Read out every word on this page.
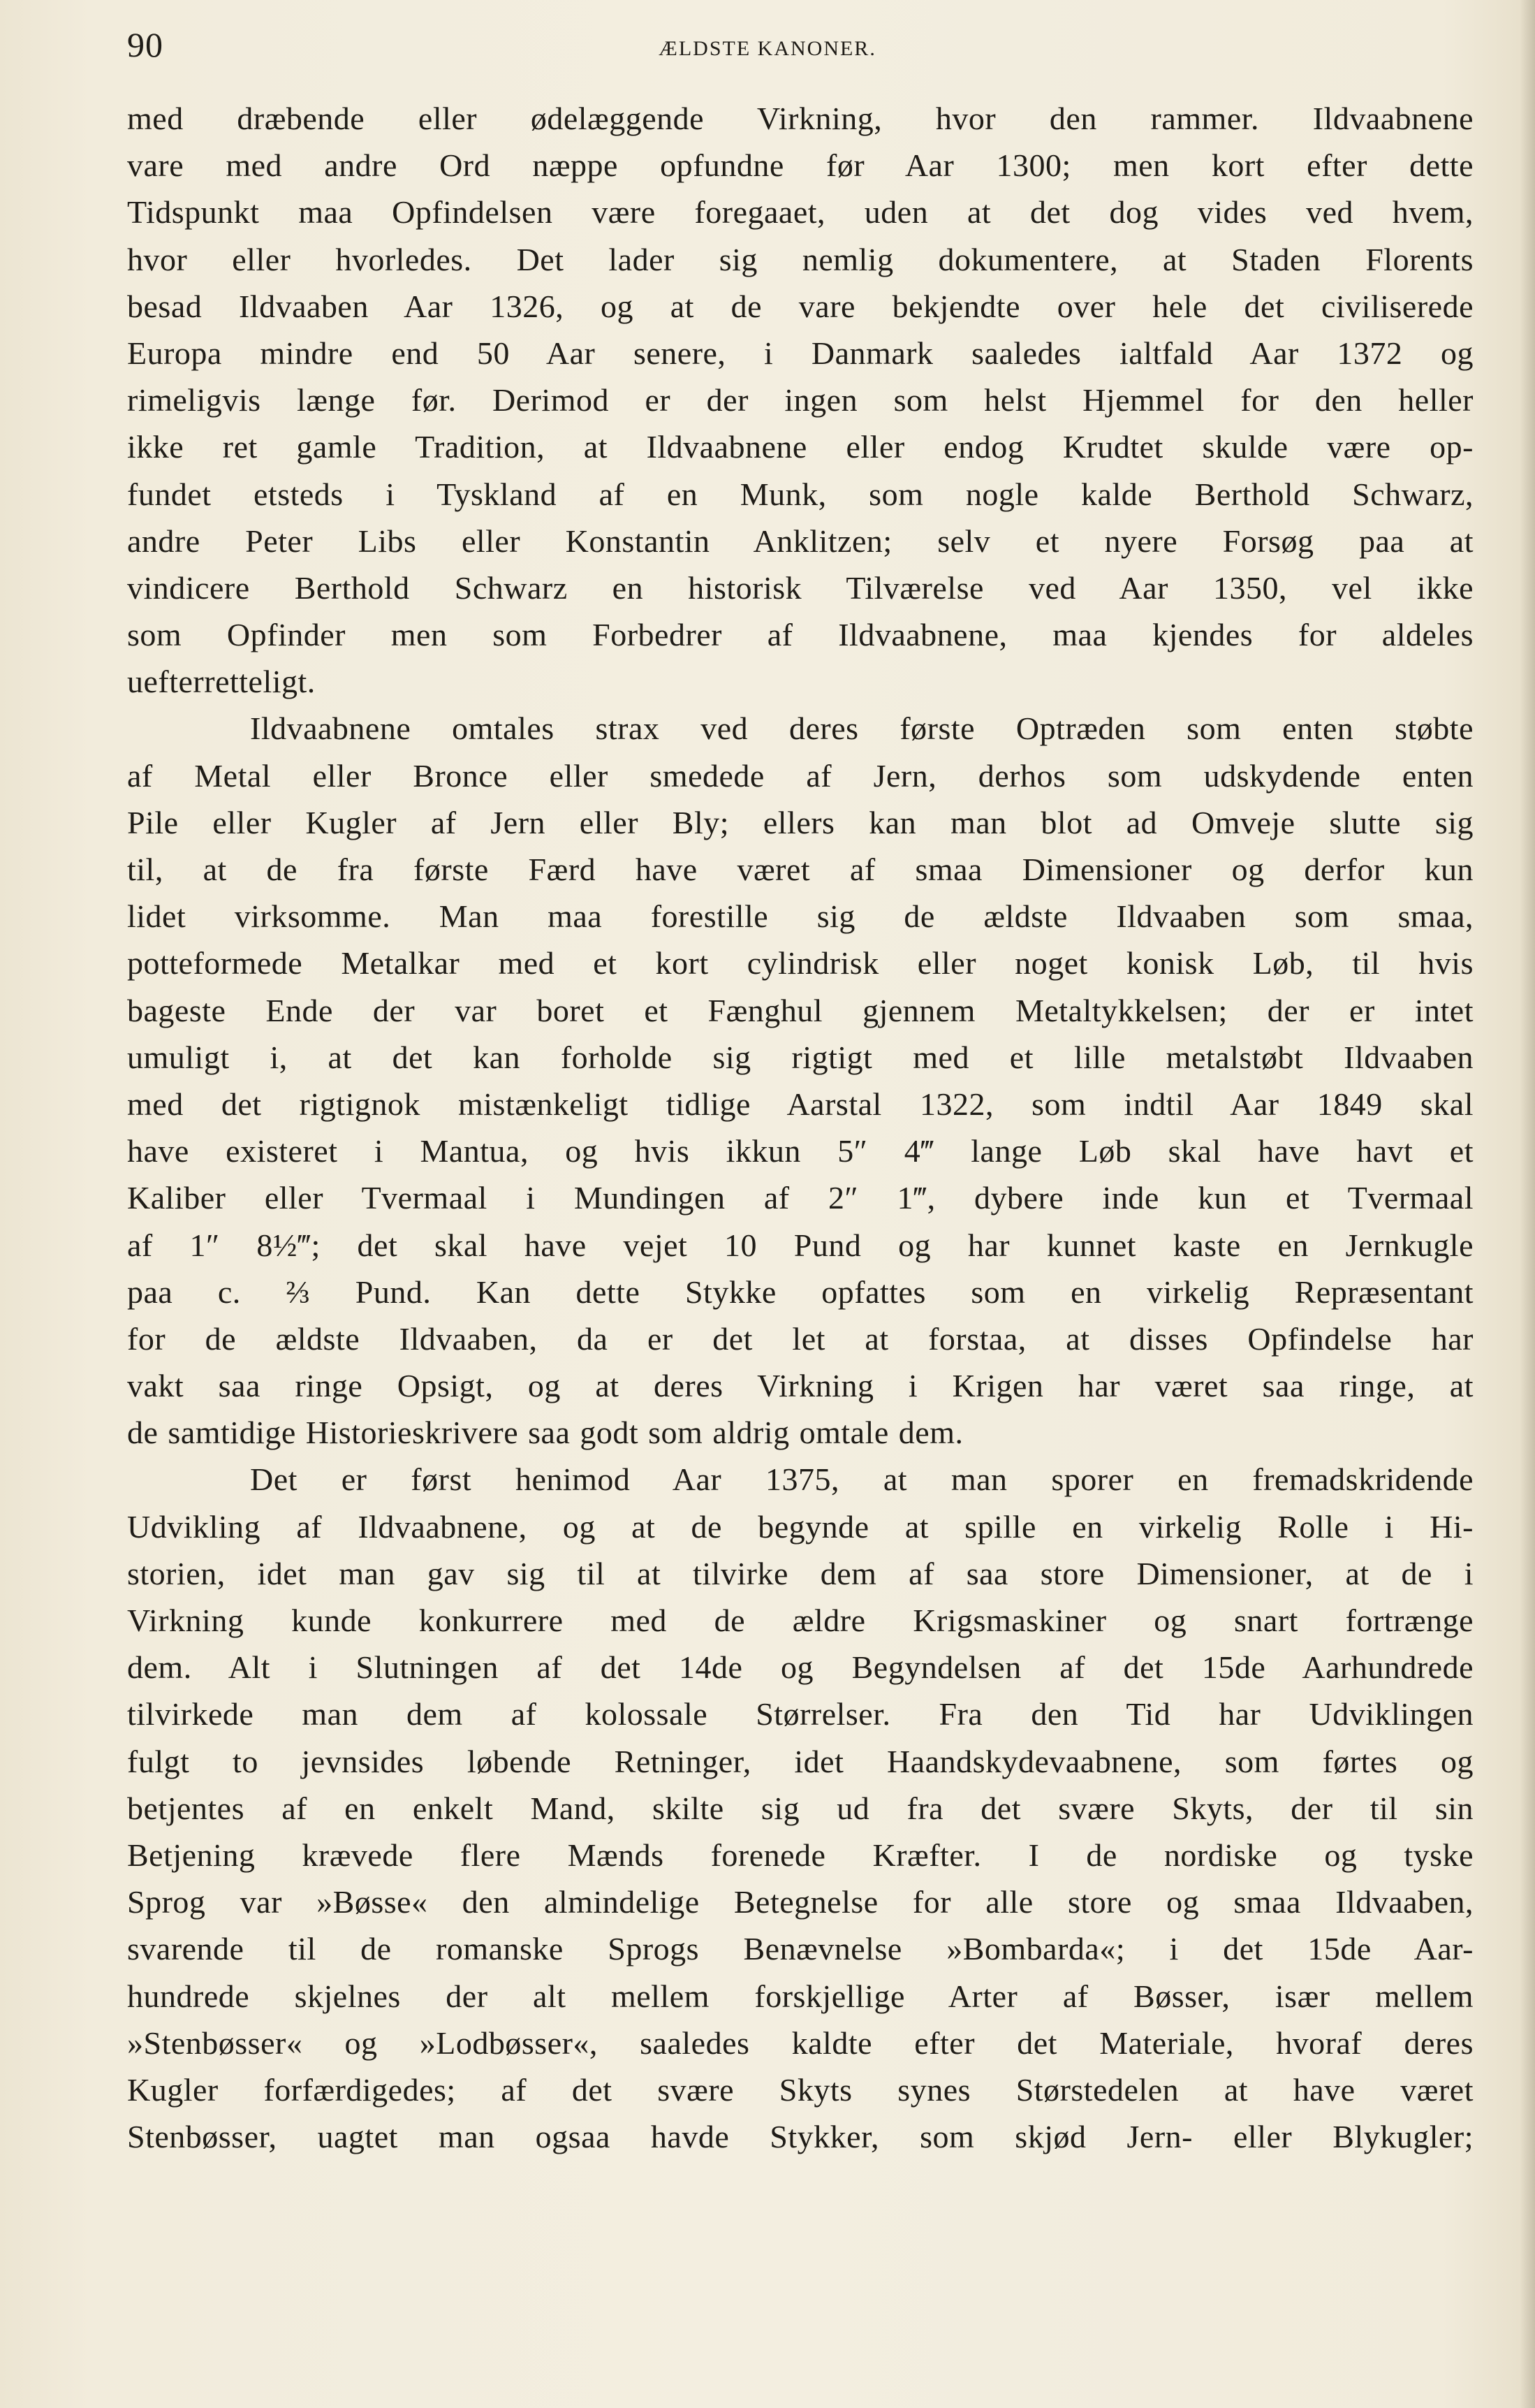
90	ÆLDSTE KANONER.
med dræbende eller ødelæggende Virkning, hvor den rammer. Ildvaabnene
vare med andre Ord næppe opfundne før Aar 1300; men kort efter dette
Tidspunkt maa Opfindelsen være foregaaet, uden at det dog vides ved hvem,
hvor eller hvorledes. Det lader sig nemlig dokumentere, at Staden Florents
besad Ildvaaben Aar 1326, og at de vare bekjendte over hele det civiliserede
Europa mindre end 50 Aar senere, i Danmark saaledes ialtfald Aar 1372 og
rimeligvis længe før. Derimod er der ingen som helst Hjemmel for den heller
ikke ret gamle Tradition, at Ildvaabnene eller endog Krudtet skulde være op-
fundet etsteds i Tyskland af en Munk, som nogle kalde Berthold Schwarz,
andre Peter Libs eller Konstantin Anklitzen; selv et nyere Forsøg paa at
vindicere Berthold Schwarz en historisk Tilværelse ved Aar 1350, vel ikke
som Opfinder men som Forbedrer af Ildvaabnene, maa kjendes for aldeles
uefterretteligt.
Ildvaabnene omtales strax ved deres første Optræden som enten støbte
af Metal eller Bronce eller smedede af Jern, derhos som udskydende enten
Pile eller Kugler af Jern eller Bly; ellers kan man blot ad Omveje slutte sig
til, at de fra første Færd have været af smaa Dimensioner og derfor kun
lidet virksomme. Man maa forestille sig de ældste Ildvaaben som smaa,
potteformede Metalkar med et kort cylindrisk eller noget konisk Løb, til hvis
bageste Ende der var boret et Fænghul gjennem Metaltykkelsen; der er intet
umuligt i, at det kan forholde sig rigtigt med et lille metalstøbt Ildvaaben
med det rigtignok mistænkeligt tidlige Aarstal 1322, som indtil Aar 1849 skal
have existeret i Mantua, og hvis ikkun 5″ 4‴ lange Løb skal have havt et
Kaliber eller Tvermaal i Mundingen af 2″ 1‴, dybere inde kun et Tvermaal
af 1″ 8½‴; det skal have vejet 10 Pund og har kunnet kaste en Jernkugle
paa c. ⅔ Pund. Kan dette Stykke opfattes som en virkelig Repræsentant
for de ældste Ildvaaben, da er det let at forstaa, at disses Opfindelse har
vakt saa ringe Opsigt, og at deres Virkning i Krigen har været saa ringe, at
de samtidige Historieskrivere saa godt som aldrig omtale dem.
Det er først henimod Aar 1375, at man sporer en fremadskridende
Udvikling af Ildvaabnene, og at de begynde at spille en virkelig Rolle i Hi-
storien, idet man gav sig til at tilvirke dem af saa store Dimensioner, at de i
Virkning kunde konkurrere med de ældre Krigsmaskiner og snart fortrænge
dem. Alt i Slutningen af det 14de og Begyndelsen af det 15de Aarhundrede
tilvirkede man dem af kolossale Størrelser. Fra den Tid har Udviklingen
fulgt to jevnsides løbende Retninger, idet Haandskydevaabnene, som førtes og
betjentes af en enkelt Mand, skilte sig ud fra det svære Skyts, der til sin
Betjening krævede flere Mænds forenede Kræfter. I de nordiske og tyske
Sprog var »Bøsse« den almindelige Betegnelse for alle store og smaa Ildvaaben,
svarende til de romanske Sprogs Benævnelse »Bombarda«; i det 15de Aar-
hundrede skjelnes der alt mellem forskjellige Arter af Bøsser, især mellem
»Stenbøsser« og »Lodbøsser«, saaledes kaldte efter det Materiale, hvoraf deres
Kugler forfærdigedes; af det svære Skyts synes Størstedelen at have været
Stenbøsser, uagtet man ogsaa havde Stykker, som skjød Jern- eller Blykugler;
